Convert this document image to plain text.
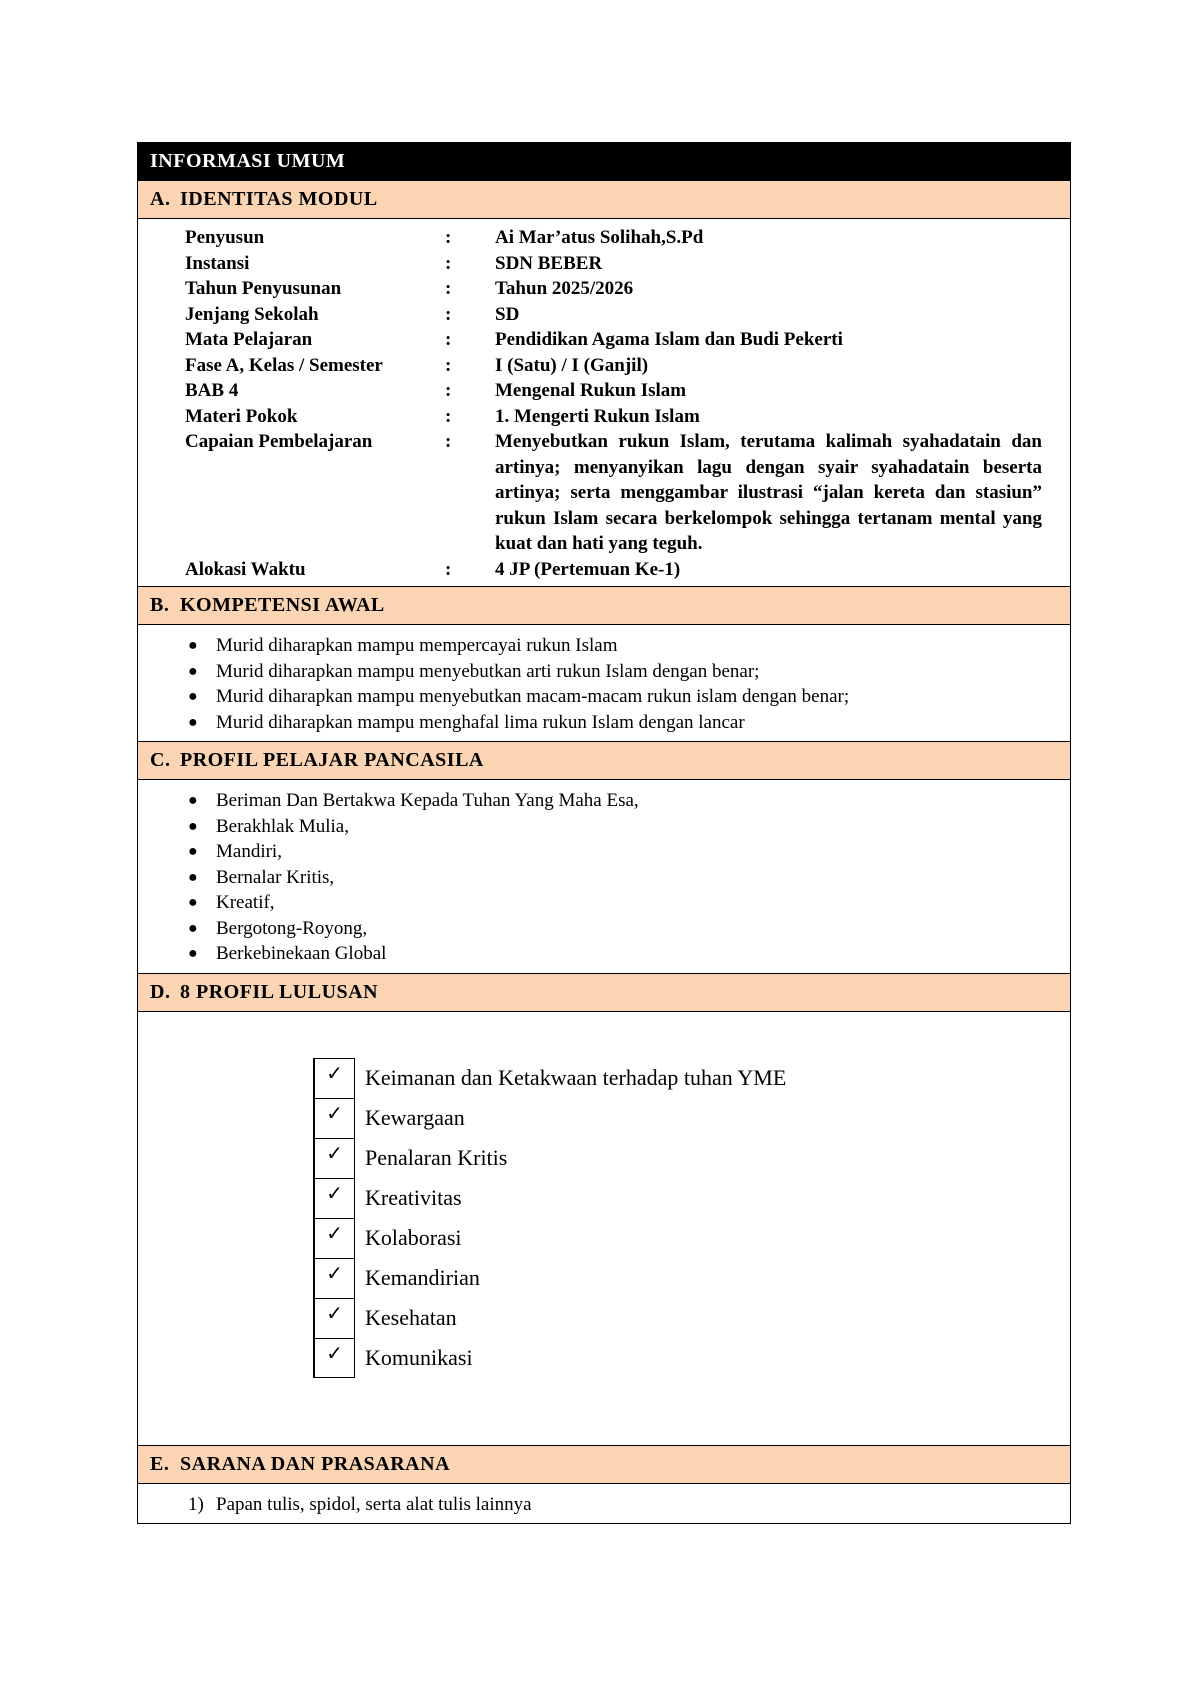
INFORMASI UMUM
A. IDENTITAS MODUL
Penyusun	:	Ai Mar’atus Solihah,S.Pd
Instansi	:	SDN BEBER
Tahun Penyusunan	:	Tahun 2025/2026
Jenjang Sekolah	:	SD
Mata Pelajaran	:	Pendidikan Agama Islam dan Budi Pekerti
Fase A, Kelas / Semester	:	I (Satu) / I (Ganjil)
BAB 4	:	Mengenal Rukun Islam
Materi Pokok	:	1. Mengerti Rukun Islam
Capaian Pembelajaran	:	Menyebutkan rukun Islam, terutama kalimah syahadatain dan artinya; menyanyikan lagu dengan syair syahadatain beserta artinya; serta menggambar ilustrasi “jalan kereta dan stasiun” rukun Islam secara berkelompok sehingga tertanam mental yang kuat dan hati yang teguh.
Alokasi Waktu	:	4 JP (Pertemuan Ke-1)
B. KOMPETENSI AWAL
● Murid diharapkan mampu mempercayai rukun Islam
● Murid diharapkan mampu menyebutkan arti rukun Islam dengan benar;
● Murid diharapkan mampu menyebutkan macam-macam rukun islam dengan benar;
● Murid diharapkan mampu menghafal lima rukun Islam dengan lancar
C. PROFIL PELAJAR PANCASILA
● Beriman Dan Bertakwa Kepada Tuhan Yang Maha Esa,
● Berakhlak Mulia,
● Mandiri,
● Bernalar Kritis,
● Kreatif,
● Bergotong-Royong,
● Berkebinekaan Global
D. 8 PROFIL LULUSAN
✓	Keimanan dan Ketakwaan terhadap tuhan YME
✓	Kewargaan
✓	Penalaran Kritis
✓	Kreativitas
✓	Kolaborasi
✓	Kemandirian
✓	Kesehatan
✓	Komunikasi
E. SARANA DAN PRASARANA
1) Papan tulis, spidol, serta alat tulis lainnya
